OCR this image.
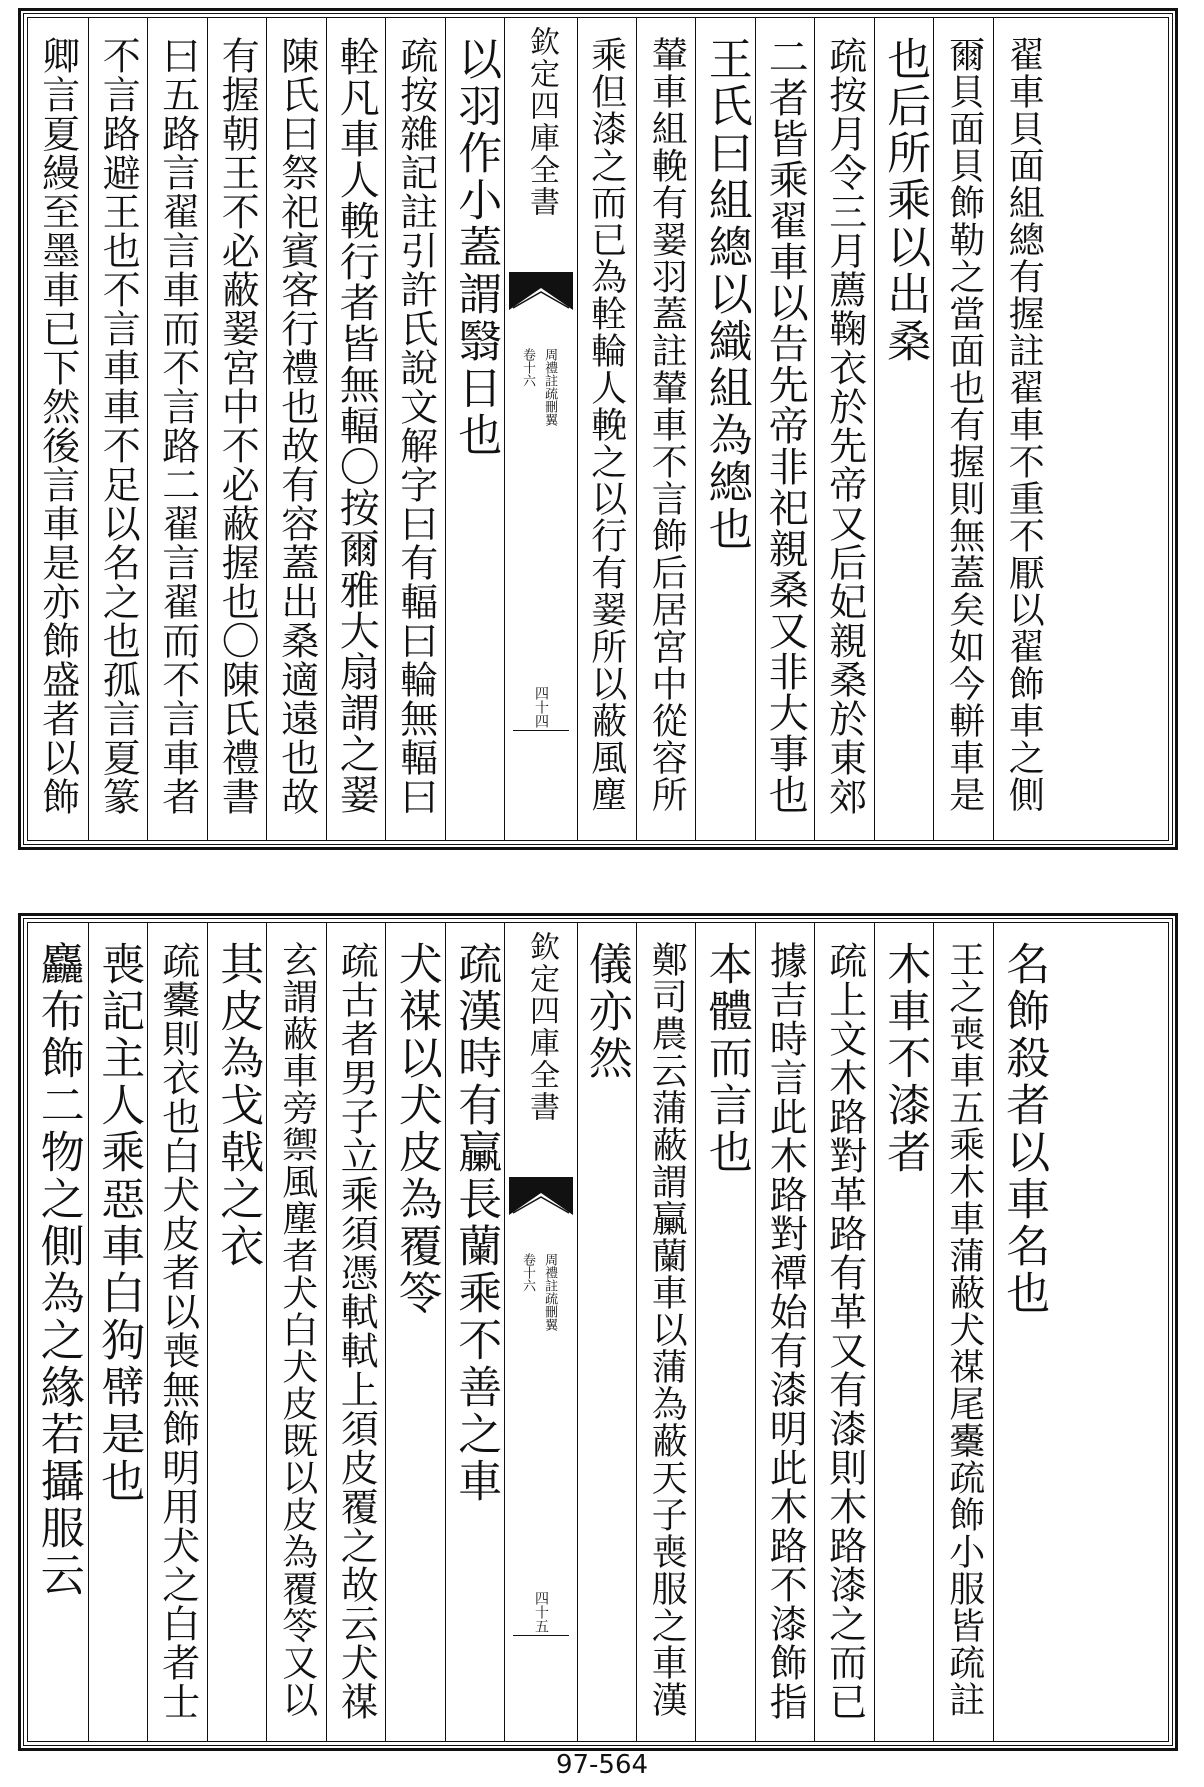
翟車貝面組總有握註翟車不重不厭以翟飾車之側
爾貝面貝飾勒之當面也有握則無蓋矣如今軿車是
也后所乘以出桑
疏按月令三月薦鞠衣於先帝又后妃親桑於東郊
二者皆乘翟車以告先帝非祀親桑又非大事也
王氏曰組總以織組為總也
輦車組輓有翣羽蓋註輦車不言飾后居宮中從容所
乘但漆之而已為輇輪人輓之以行有翣所以蔽風塵
欽定四庫全書
周禮註疏刪翼
卷十六
四十四
以羽作小蓋謂翳日也
疏按雜記註引許氏說文解字曰有輻曰輪無輻曰
輇凡車人輓行者皆無輻〇按爾雅大扇謂之翣
陳氏曰祭祀賓客行禮也故有容蓋出桑適遠也故
有握朝王不必蔽翣宮中不必蔽握也〇陳氏禮書
曰五路言翟言車而不言路二翟言翟而不言車者
不言路避王也不言車車不足以名之也孤言夏篆
卿言夏縵至墨車已下然後言車是亦飾盛者以飾
名飾殺者以車名也
王之喪車五乘木車蒲蔽犬禖尾櫜疏飾小服皆疏註
木車不漆者
疏上文木路對革路有革又有漆則木路漆之而已
據吉時言此木路對禫始有漆明此木路不漆飾指
本體而言也
鄭司農云蒲蔽謂臝蘭車以蒲為蔽天子喪服之車漢
儀亦然
欽定四庫全書
周禮註疏刪翼
卷十六
四十五
疏漢時有臝長蘭乘不善之車
犬禖以犬皮為覆笭
疏古者男子立乘須憑軾軾上須皮覆之故云犬禖
玄謂蔽車旁禦風塵者犬白犬皮既以皮為覆笭又以
其皮為戈戟之衣
疏櫜則衣也白犬皮者以喪無飾明用犬之白者士
喪記主人乘惡車白狗幦是也
麤布飾二物之側為之緣若攝服云
97-564
